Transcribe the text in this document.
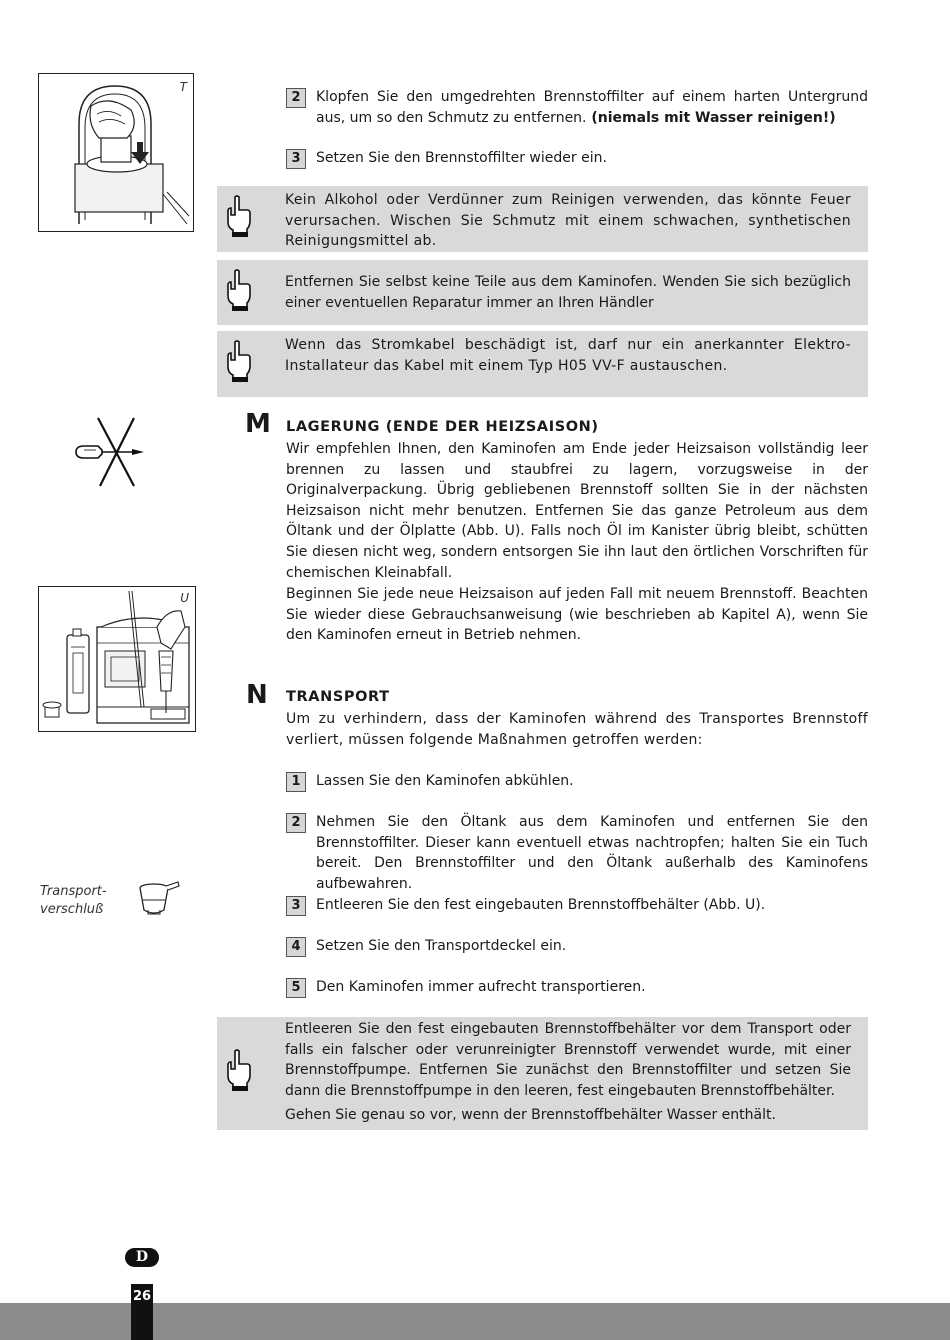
T
2	Klopfen Sie den umgedrehten Brennstoffilter auf einem harten Untergrund aus, um so den Schmutz zu entfernen. (niemals mit Wasser reinigen!)

3	Setzen Sie den Brennstoffilter wieder ein.

Kein Alkohol oder Verdünner zum Reinigen verwenden, das könnte Feuer verursachen. Wischen Sie Schmutz mit einem schwachen, synthetischen Reinigungsmittel ab.

Entfernen Sie selbst keine Teile aus dem Kaminofen. Wenden Sie sich bezüglich einer eventuellen Reparatur immer an Ihren Händler

Wenn das Stromkabel beschädigt ist, darf nur ein anerkannter Elektro-Installateur das Kabel mit einem Typ H05 VV-F austauschen.

M LAGERUNG (ENDE DER HEIZSAISON)

Wir empfehlen Ihnen, den Kaminofen am Ende jeder Heizsaison vollständig leer brennen zu lassen und staubfrei zu lagern, vorzugsweise in der Originalverpackung. Übrig gebliebenen Brennstoff sollten Sie in der nächsten Heizsaison nicht mehr benutzen. Entfernen Sie das ganze Petroleum aus dem Öltank und der Ölplatte (Abb. U). Falls noch Öl im Kanister übrig bleibt, schütten Sie diesen nicht weg, sondern entsorgen Sie ihn laut den örtlichen Vorschriften für chemischen Kleinabfall.

Beginnen Sie jede neue Heizsaison auf jeden Fall mit neuem Brennstoff. Beachten Sie wieder diese Gebrauchsanweisung (wie beschrieben ab Kapitel A), wenn Sie den Kaminofen erneut in Betrieb nehmen.

U
N TRANSPORT

Um zu verhindern, dass der Kaminofen während des Transportes Brennstoff verliert, müssen folgende Maßnahmen getroffen werden:

1	Lassen Sie den Kaminofen abkühlen.

2	Nehmen Sie den Öltank aus dem Kaminofen und entfernen Sie den Brennstoffilter. Dieser kann eventuell etwas nachtropfen; halten Sie ein Tuch bereit. Den Brennstoffilter und den Öltank außerhalb des Kaminofens aufbewahren.

3	Entleeren Sie den fest eingebauten Brennstoffbehälter (Abb. U).

4	Setzen Sie den Transportdeckel ein.

5	Den Kaminofen immer aufrecht transportieren.

Transport-
verschluß

Entleeren Sie den fest eingebauten Brennstoffbehälter vor dem Transport oder falls ein falscher oder verunreinigter Brennstoff verwendet wurde, mit einer Brennstoffpumpe. Entfernen Sie zunächst den Brennstoffilter und setzen Sie dann die Brennstoffpumpe in den leeren, fest eingebauten Brennstoffbehälter.

Gehen Sie genau so vor, wenn der Brennstoffbehälter Wasser enthält.

D
26
